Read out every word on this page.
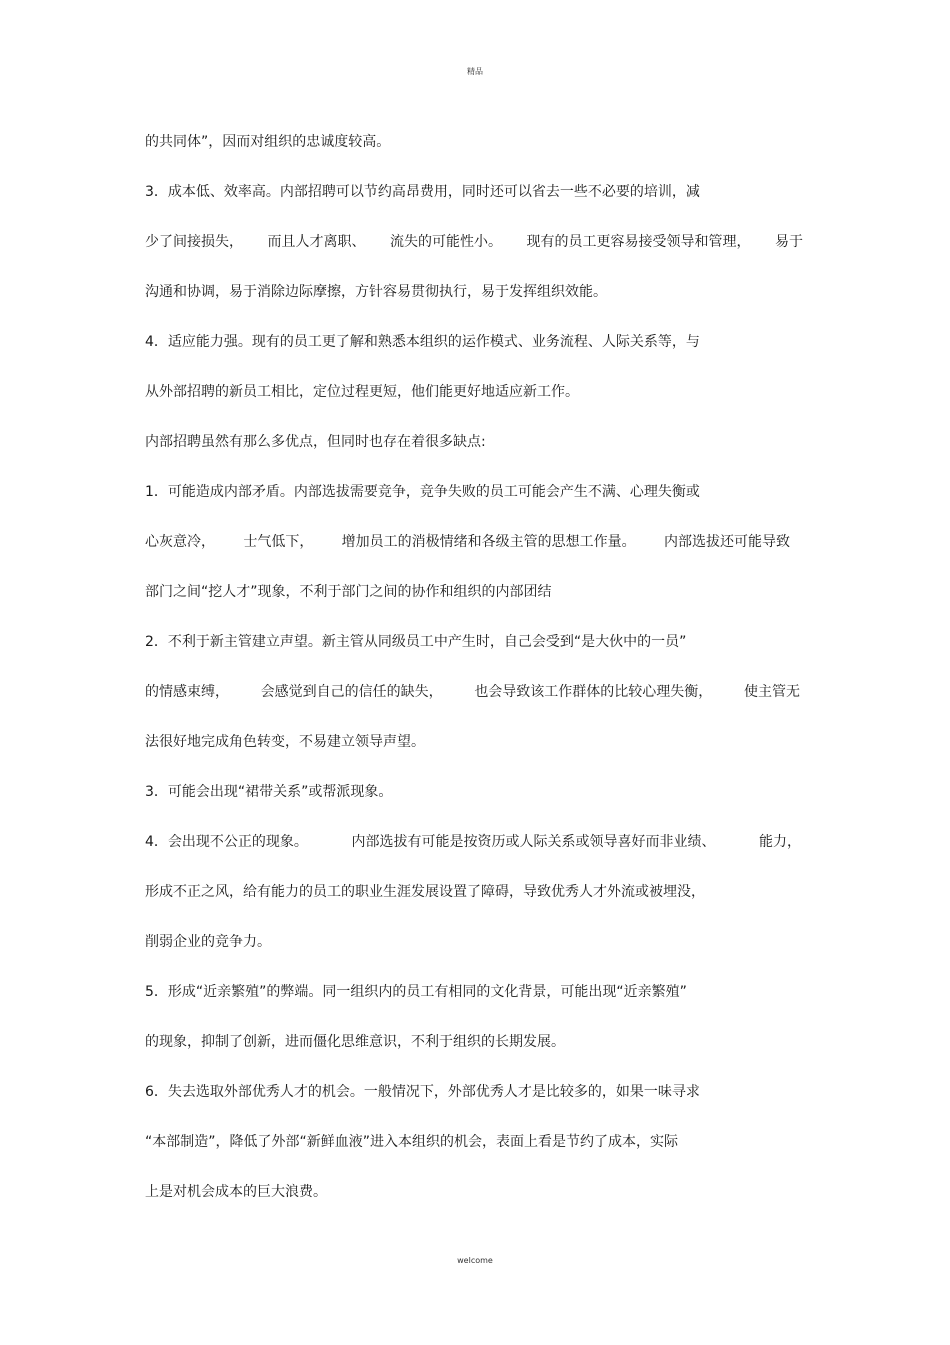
精品
的共同体”，因而对组织的忠诚度较高。
3．成本低、效率高。内部招聘可以节约高昂费用，同时还可以省去一些不必要的培训，减
少了间接损失， 而且人才离职、 流失的可能性小。 现有的员工更容易接受领导和管理， 易于
沟通和协调，易于消除边际摩擦，方针容易贯彻执行，易于发挥组织效能。
4．适应能力强。现有的员工更了解和熟悉本组织的运作模式、业务流程、人际关系等，与
从外部招聘的新员工相比，定位过程更短，他们能更好地适应新工作。
内部招聘虽然有那么多优点，但同时也存在着很多缺点:
1．可能造成内部矛盾。内部选拔需要竞争，竞争失败的员工可能会产生不满、心理失衡或
心灰意冷， 士气低下， 增加员工的消极情绪和各级主管的思想工作量。 内部选拔还可能导致
部门之间“挖人才”现象，不利于部门之间的协作和组织的内部团结
2．不利于新主管建立声望。新主管从同级员工中产生时，自己会受到“是大伙中的一员”
的情感束缚， 会感觉到自己的信任的缺失， 也会导致该工作群体的比较心理失衡， 使主管无
法很好地完成角色转变，不易建立领导声望。
3．可能会出现“裙带关系”或帮派现象。
4．会出现不公正的现象。	内部选拔有可能是按资历或人际关系或领导喜好而非业绩、	能力，
形成不正之风，给有能力的员工的职业生涯发展设置了障碍，导致优秀人才外流或被埋没，
削弱企业的竞争力。
5．形成“近亲繁殖”的弊端。同一组织内的员工有相同的文化背景，可能出现“近亲繁殖”
的现象，抑制了创新，进而僵化思维意识，不利于组织的长期发展。
6．失去选取外部优秀人才的机会。一般情况下，外部优秀人才是比较多的，如果一味寻求
“本部制造”，降低了外部“新鲜血液”进入本组织的机会，表面上看是节约了成本，实际
上是对机会成本的巨大浪费。
welcome
